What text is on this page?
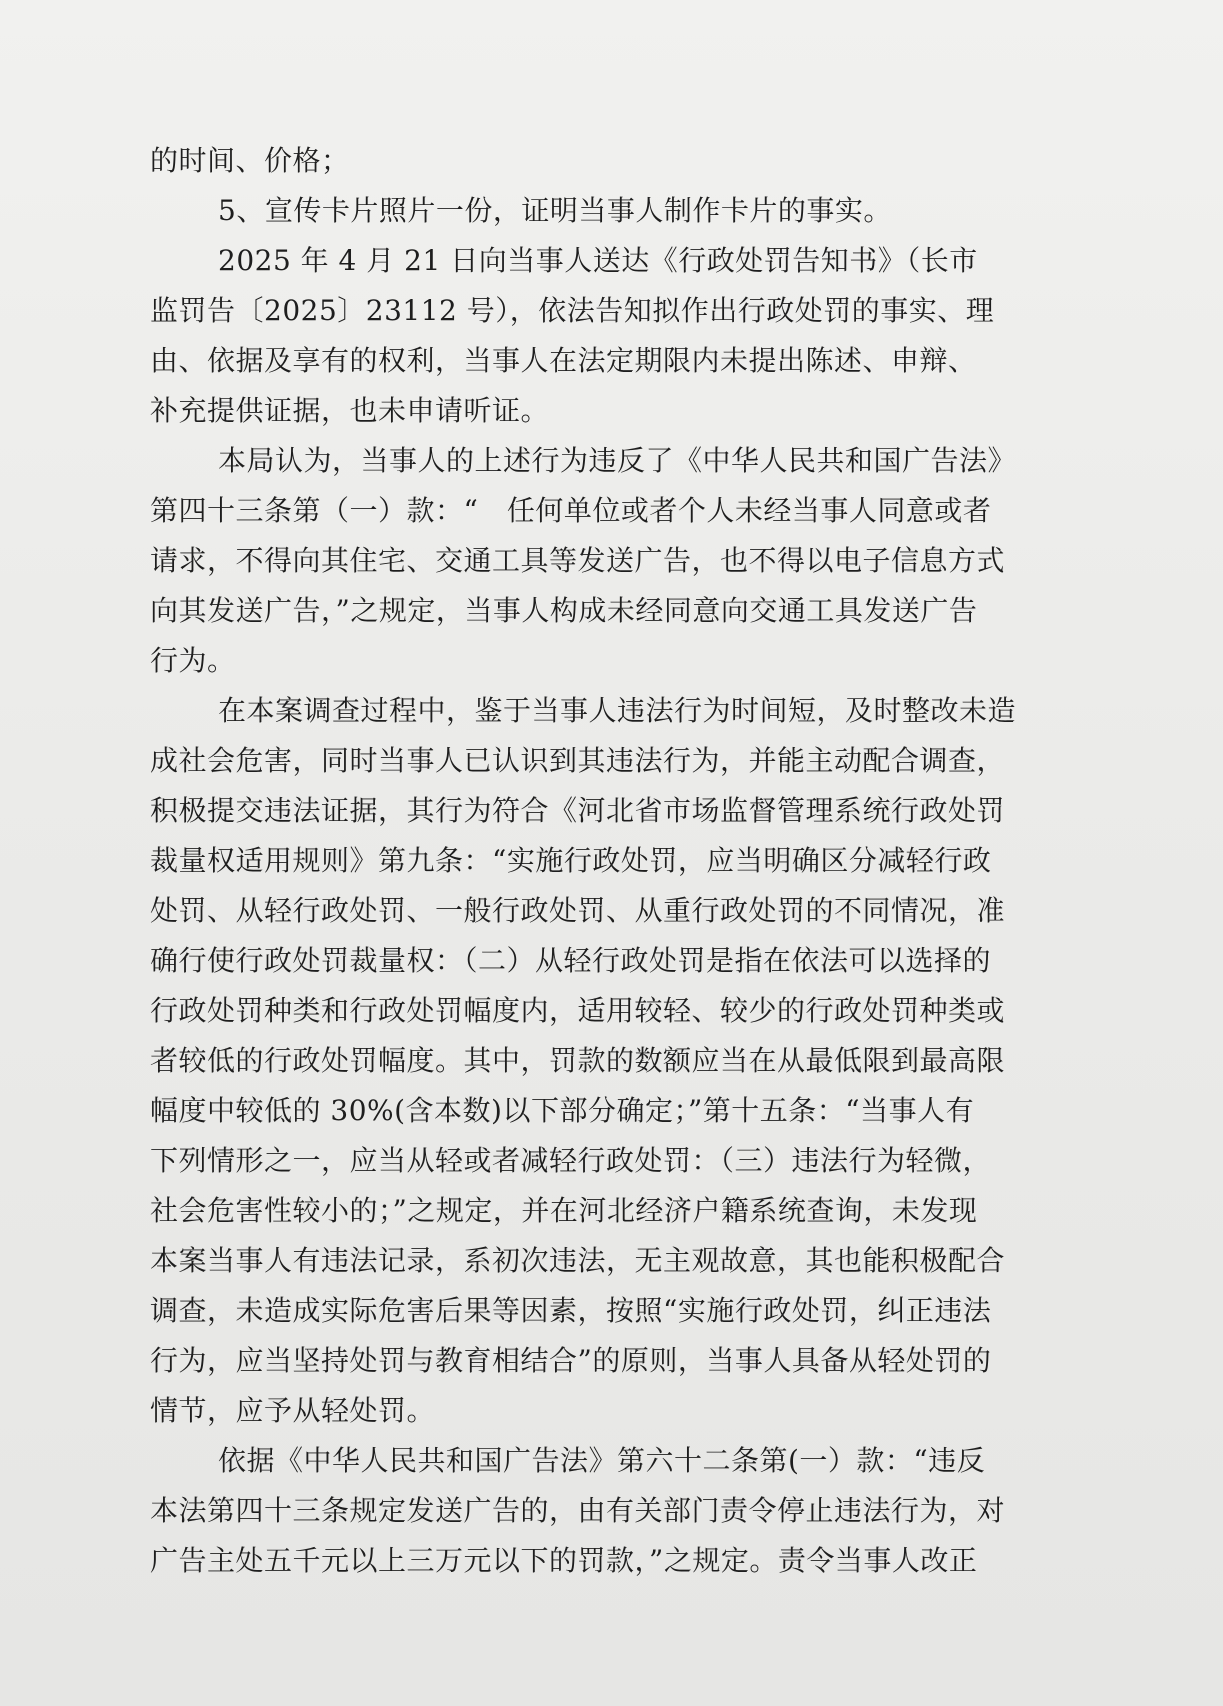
的时间、价格；
5、宣传卡片照片一份，证明当事人制作卡片的事实。
2025 年 4 月 21 日向当事人送达《行政处罚告知书》（长市
监罚告〔2025〕23112 号），依法告知拟作出行政处罚的事实、理
由、依据及享有的权利，当事人在法定期限内未提出陈述、申辩、
补充提供证据，也未申请听证。
本局认为，当事人的上述行为违反了《中华人民共和国广告法》
第四十三条第（一）款：“　任何单位或者个人未经当事人同意或者
请求，不得向其住宅、交通工具等发送广告，也不得以电子信息方式
向其发送广告，”之规定，当事人构成未经同意向交通工具发送广告
行为。
在本案调查过程中，鉴于当事人违法行为时间短，及时整改未造
成社会危害，同时当事人已认识到其违法行为，并能主动配合调查，
积极提交违法证据，其行为符合《河北省市场监督管理系统行政处罚
裁量权适用规则》第九条：“实施行政处罚，应当明确区分减轻行政
处罚、从轻行政处罚、一般行政处罚、从重行政处罚的不同情况，准
确行使行政处罚裁量权：（二）从轻行政处罚是指在依法可以选择的
行政处罚种类和行政处罚幅度内，适用较轻、较少的行政处罚种类或
者较低的行政处罚幅度。其中，罚款的数额应当在从最低限到最高限
幅度中较低的 30%(含本数)以下部分确定；”第十五条：“当事人有
下列情形之一，应当从轻或者减轻行政处罚：（三）违法行为轻微，
社会危害性较小的；”之规定，并在河北经济户籍系统查询，未发现
本案当事人有违法记录，系初次违法，无主观故意，其也能积极配合
调查，未造成实际危害后果等因素，按照“实施行政处罚，纠正违法
行为，应当坚持处罚与教育相结合”的原则，当事人具备从轻处罚的
情节，应予从轻处罚。
依据《中华人民共和国广告法》第六十二条第(一）款：“违反
本法第四十三条规定发送广告的，由有关部门责令停止违法行为，对
广告主处五千元以上三万元以下的罚款，”之规定。责令当事人改正
